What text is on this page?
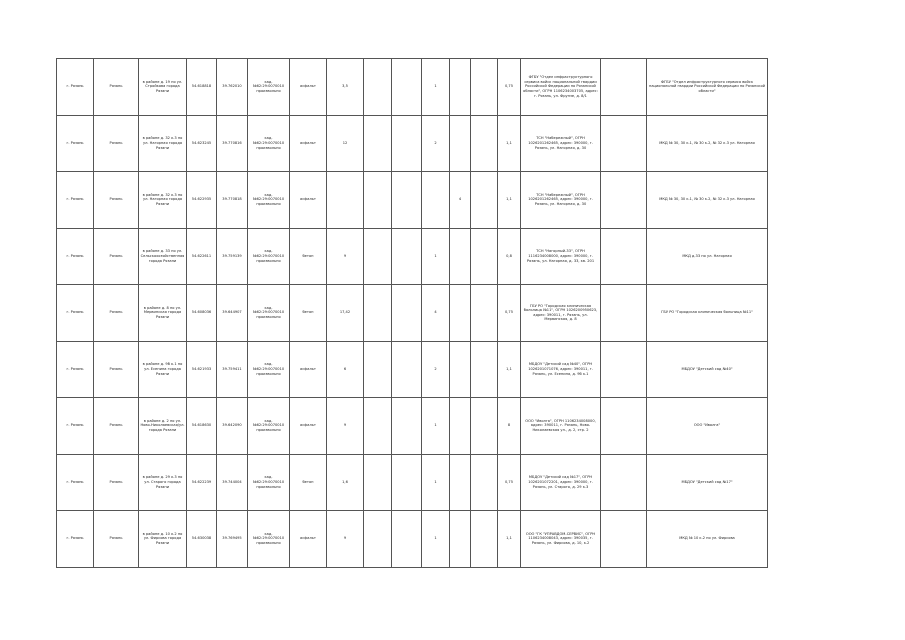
г. Рязань	Рязань	в районе д. 19 по ул. Стройкова города Рязани	54.618818	39.762010	кад.№62:29:0070010 произвольно	асфальт	3,5			1			0,75	ФГБУ "Отдел инфраструктурного сервиса войск национальной гвардии Российской Федерации по Рязанской области", ОГРН 1106234003705, адрес: г. Рязань, ул. Фрунзе, д. 8/1		ФГБУ "Отдел инфраструктурного сервиса войск национальной гвардии Российской Федерации по Рязанской области"
г. Рязань	Рязань	в районе д. 32 к.3 по ул. Нагорная города Рязани	54.623245	39.770816	кад.№62:29:0070010 произвольно	асфальт	12			2			1,1	ТСН "Набережный", ОГРН 1026201262465, адрес: 390000, г. Рязань, ул. Нагорная, д. 30		МКД № 30, 30 к.1, № 30 к.2, № 32 к.3 ул. Нагорная
г. Рязань	Рязань	в районе д. 32 к.3 по ул. Нагорная города Рязани	54.622935	39.770818	кад.№62:29:0070010 произвольно	асфальт					4		1,1	ТСН "Набережный", ОГРН 1026201262465, адрес: 390000, г. Рязань, ул. Нагорная, д. 30		МКД № 30, 30 к.1, № 30 к.2, № 32 к.3 ул. Нагорная
г. Рязань	Рязань	в районе д. 33 по ул. Сельскохозяйственная города Рязани	54.622611	39.759139	кад.№62:29:0070010 произвольно	бетон	9			1			0,8	ТСН "Нагорный-33", ОГРН 1116234008000, адрес: 390000, г. Рязань, ул. Нагорная, д. 33, кв. 201		МКД д.33 по ул. Нагорная
г. Рязань	Рязань	в районе д. 8 по ул. Мервинская города Рязани	54.608036	39.644907	кад.№62:29:0070010 произвольно	бетон	17,42			4			0,75	ГБУ РО "Городская клиническая больница №11", ОГРН 1026200950623, адрес: 390011, г. Рязань, ул. Мервинская, д. 8		ГБУ РО "Городская клиническая больница №11"
г. Рязань	Рязань	в районе д. 9б к.1 по ул. Есенина города Рязани	54.621933	39.759411	кад.№62:29:0070010 произвольно	асфальт	6			2			1,1	МБДОУ "Детский сад №40", ОГРН 1026201071076, адрес: 390011, г. Рязань, ул. Есенина, д. 9б к.1		МБДОУ "Детский сад №40"
г. Рязань	Рязань	в районе д. 2 по ул. Ново-Николаевская/ул. города Рязани	54.618630	39.642090	кад.№62:29:0070010 произвольно	асфальт	9			1			8	ООО "Иволга", ОГРН 1106234008000, адрес: 390011, г. Рязань, Ново-Николаевская ул., д. 2, стр. 2		ООО "Иволга"
г. Рязань	Рязань	в районе д. 29 к.3 по ул. Старого города Рязани	54.622239	39.744004	кад.№62:29:0070010 произвольно	бетон	1,6			1			0,75	МБДОУ "Детский сад №17", ОГРН 1026201072201, адрес: 390000, г. Рязань, ул. Старого, д. 29 к.3		МБДОУ "Детский сад №17"
г. Рязань	Рязань	в районе д. 10 к.2 по ул. Фирсова города Рязани	54.630038	39.769495	кад.№62:29:0070010 произвольно	асфальт	9			1			1,1	ООО "ГК "УПРАВДОМ-СЕРВИС", ОГРН 1106234008043, адрес: 390035, г. Рязань, ул. Фирсова, д. 10, к.2		МКД № 10 к.2 по ул. Фирсова
